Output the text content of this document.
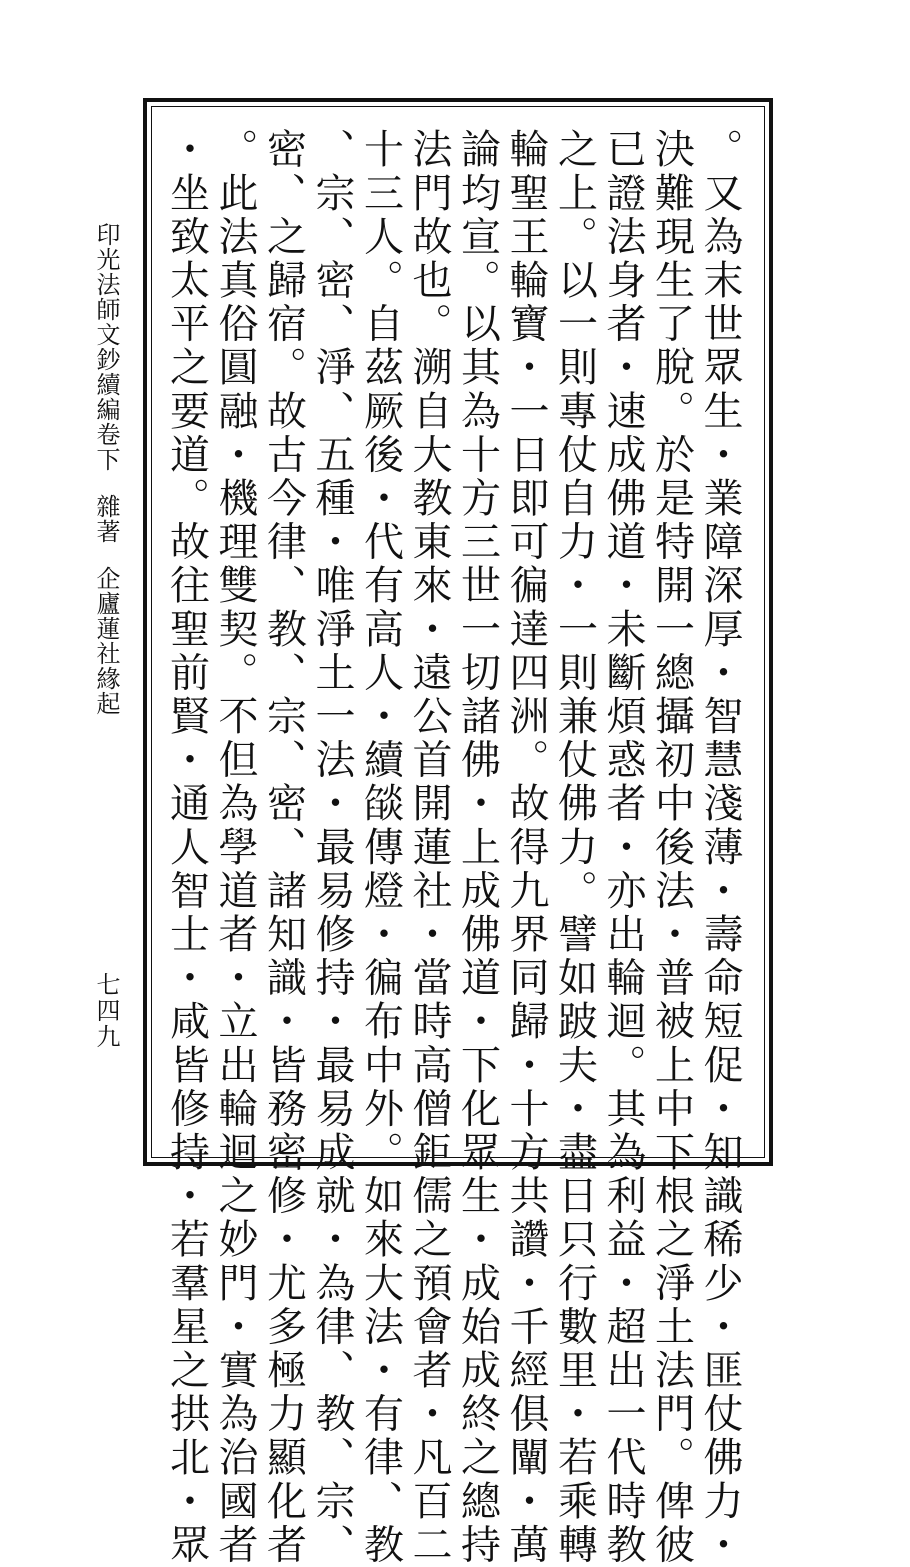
印光法師文鈔續編卷下雜著企廬蓮社緣起	。又為末世眾生・業障深厚・智慧淺薄・壽命短促・知識稀少・匪仗佛力・
決難現生了脫。於是特開一總攝初中後法・普被上中下根之淨土法門。俾彼
已證法身者・速成佛道・未斷煩惑者・亦出輪迴。其為利益・超出一代時教
之上。以一則專仗自力・一則兼仗佛力。譬如跛夫・盡日只行數里・若乘轉
輪聖王輪寶・一日即可徧達四洲。故得九界同歸・十方共讚・千經俱闡・萬
論均宣。以其為十方三世一切諸佛・上成佛道・下化眾生・成始成終之總持
法門故也。溯自大教東來・遠公首開蓮社・當時高僧鉅儒之預會者・凡百二
十三人。自茲厥後・代有高人・續燄傳燈・徧布中外。如來大法・有律、教
、宗、密、淨、五種・唯淨土一法・最易修持・最易成就・為律、教、宗、
密、之歸宿。故古今律、教、宗、密、諸知識・皆務密修・尤多極力顯化者
。此法真俗圓融・機理雙契。不但為學道者・立出輪迴之妙門・實為治國者
・坐致太平之要道。故往聖前賢・通人智士・咸皆修持・若羣星之拱北・眾
七四九
